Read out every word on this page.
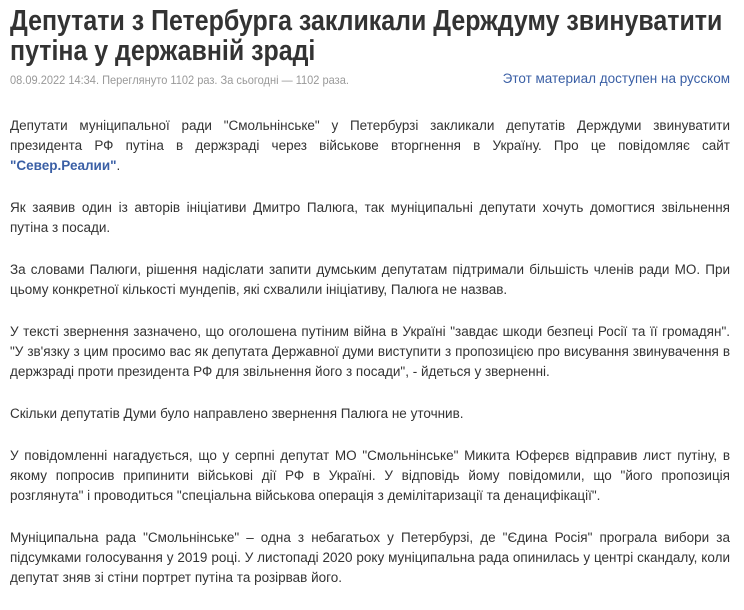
Депутати з Петербурга закликали Держдуму звинуватити путіна у державній зраді
08.09.2022 14:34. Переглянуто 1102 раз. За сьогодні — 1102 раза.	Этот материал доступен на русском

Депутати муніципальної ради "Смольнінське" у Петербурзі закликали депутатів Держдуми звинуватити президента РФ путіна в держзраді через військове вторгнення в Україну. Про це повідомляє сайт "Север.Реалии".

Як заявив один із авторів ініціативи Дмитро Палюга, так муніципальні депутати хочуть домогтися звільнення путіна з посади.

За словами Палюги, рішення надіслати запити думським депутатам підтримали більшість членів ради МО. При цьому конкретної кількості мундепів, які схвалили ініціативу, Палюга не назвав.

У тексті звернення зазначено, що оголошена путіним війна в Україні "завдає шкоди безпеці Росії та її громадян". "У зв'язку з цим просимо вас як депутата Державної думи виступити з пропозицією про висування звинувачення в держзраді проти президента РФ для звільнення його з посади", - йдеться у зверненні.

Скільки депутатів Думи було направлено звернення Палюга не уточнив.

У повідомленні нагадується, що у серпні депутат МО "Смольнінське" Микита Юферєв відправив лист путіну, в якому попросив припинити військові дії РФ в Україні. У відповідь йому повідомили, що "його пропозиція розглянута" і проводиться "спеціальна військова операція з демілітаризації та денацифікації".

Муніципальна рада "Смольнінське" – одна з небагатьох у Петербурзі, де "Єдина Росія" програла вибори за підсумками голосування у 2019 році. У листопаді 2020 року муніципальна рада опинилась у центрі скандалу, коли депутат зняв зі стіни портрет путіна та розірвав його.
